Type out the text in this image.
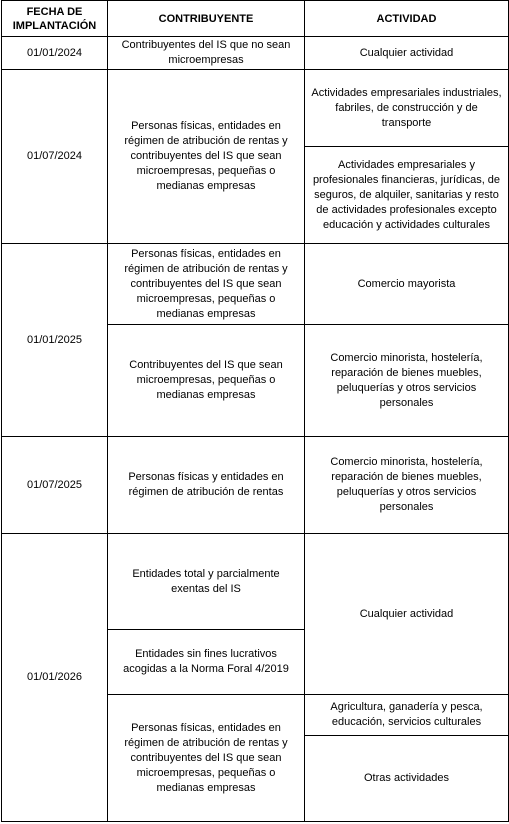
FECHA DE IMPLANTACIÓN	CONTRIBUYENTE	ACTIVIDAD
01/01/2024	Contribuyentes del IS que no sean microempresas	Cualquier actividad
01/07/2024	Personas físicas, entidades en régimen de atribución de rentas y contribuyentes del IS que sean microempresas, pequeñas o medianas empresas	Actividades empresariales industriales, fabriles, de construcción y de transporte
		Actividades empresariales y profesionales financieras, jurídicas, de seguros, de alquiler, sanitarias y resto de actividades profesionales excepto educación y actividades culturales
01/01/2025	Personas físicas, entidades en régimen de atribución de rentas y contribuyentes del IS que sean microempresas, pequeñas o medianas empresas	Comercio mayorista
	Contribuyentes del IS que sean microempresas, pequeñas o medianas empresas	Comercio minorista, hostelería, reparación de bienes muebles, peluquerías y otros servicios personales
01/07/2025	Personas físicas y entidades en régimen de atribución de rentas	Comercio minorista, hostelería, reparación de bienes muebles, peluquerías y otros servicios personales
01/01/2026	Entidades total y parcialmente exentas del IS	Cualquier actividad
	Entidades sin fines lucrativos acogidas a la Norma Foral 4/2019	
	Personas físicas, entidades en régimen de atribución de rentas y contribuyentes del IS que sean microempresas, pequeñas o medianas empresas	Agricultura, ganadería y pesca, educación, servicios culturales
		Otras actividades
